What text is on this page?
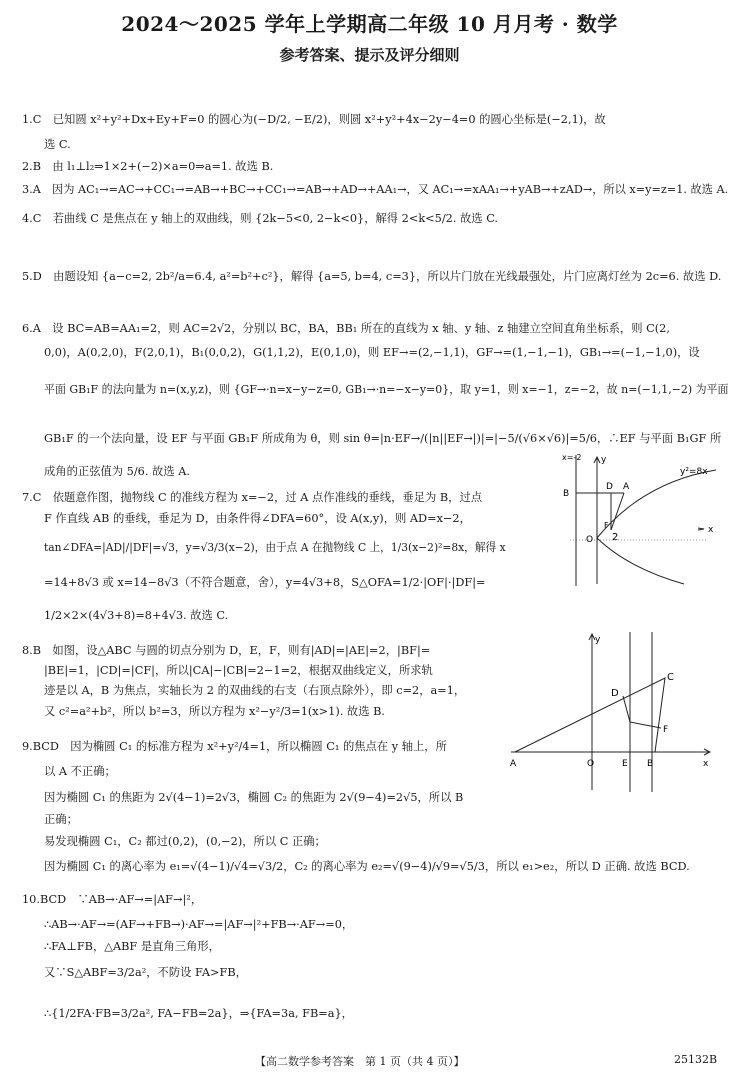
2024～2025 学年上学期高二年级 10 月月考 · 数学
参考答案、提示及评分细则
1.C　已知圆 x²+y²+Dx+Ey+F=0 的圆心为(−D/2, −E/2)，则圆 x²+y²+4x−2y−4=0 的圆心坐标是(−2,1)，故
选 C.
2.B　由 l₁⊥l₂⇒1×2+(−2)×a=0⇒a=1. 故选 B.
3.A　因为 AC₁→=AC→+CC₁→=AB→+BC→+CC₁→=AB→+AD→+AA₁→，又 AC₁→=xAA₁→+yAB→+zAD→，所以 x=y=z=1. 故选 A.
4.C　若曲线 C 是焦点在 y 轴上的双曲线，则 {2k−5<0, 2−k<0}，解得 2<k<5/2. 故选 C.
5.D　由题设知 {a−c=2, 2b²/a=6.4, a²=b²+c²}，解得 {a=5, b=4, c=3}，所以片门放在光线最强处，片门应离灯丝为 2c=6. 故选 D.
6.A　设 BC=AB=AA₁=2，则 AC=2√2，分别以 BC，BA，BB₁ 所在的直线为 x 轴、y 轴、z 轴建立空间直角坐标系，则 C(2,
0,0)，A(0,2,0)，F(2,0,1)，B₁(0,0,2)，G(1,1,2)，E(0,1,0)，则 EF→=(2,−1,1)，GF→=(1,−1,−1)，GB₁→=(−1,−1,0)，设
平面 GB₁F 的法向量为 n=(x,y,z)，则 {GF→·n=x−y−z=0, GB₁→·n=−x−y=0}，取 y=1，则 x=−1，z=−2，故 n=(−1,1,−2) 为平面
GB₁F 的一个法向量，设 EF 与平面 GB₁F 所成角为 θ，则 sin θ=|n·EF→/(|n||EF→|)|=|−5/(√6×√6)|=5/6，∴EF 与平面 B₁GF 所
成角的正弦值为 5/6. 故选 A.
7.C　依题意作图，抛物线 C 的准线方程为 x=−2，过 A 点作准线的垂线，垂足为 B，过点
F 作直线 AB 的垂线，垂足为 D，由条件得∠DFA=60°，设 A(x,y)，则 AD=x−2，
tan∠DFA=|AD|/|DF|=√3，y=√3/3(x−2)，由于点 A 在抛物线 C 上，1/3(x−2)²=8x，解得 x
=14+8√3 或 x=14−8√3（不符合题意，舍），y=4√3+8，S△OFA=1/2·|OF|·|DF|=
1/2×2×(4√3+8)=8+4√3. 故选 C.
8.B　如图，设△ABC 与圆的切点分别为 D，E，F，则有|AD|=|AE|=2，|BF|=
|BE|=1，|CD|=|CF|，所以|CA|−|CB|=2−1=2，根据双曲线定义，所求轨
迹是以 A，B 为焦点，实轴长为 2 的双曲线的右支（右顶点除外），即 c=2，a=1，
又 c²=a²+b²，所以 b²=3，所以方程为 x²−y²/3=1(x>1). 故选 B.
9.BCD　因为椭圆 C₁ 的标准方程为 x²+y²/4=1，所以椭圆 C₁ 的焦点在 y 轴上，所
以 A 不正确；
因为椭圆 C₁ 的焦距为 2√(4−1)=2√3，椭圆 C₂ 的焦距为 2√(9−4)=2√5，所以 B
正确；
易发现椭圆 C₁，C₂ 都过(0,2)，(0,−2)，所以 C 正确；
因为椭圆 C₁ 的离心率为 e₁=√(4−1)/√4=√3/2，C₂ 的离心率为 e₂=√(9−4)/√9=√5/3，所以 e₁>e₂，所以 D 正确. 故选 BCD.
10.BCD　∵AB→·AF→=|AF→|²，
∴AB→·AF→=(AF→+FB→)·AF→=|AF→|²+FB→·AF→=0，
∴FA⊥FB，△ABF 是直角三角形，
又∵S△ABF=3/2a²，不防设 FA>FB，
∴{1/2FA·FB=3/2a², FA−FB=2a}，⇒{FA=3a, FB=a}，
y
x=-2
B
D A
y²=8x
O
F
2
x
y
C
D
F
A	O	E B	x
【高二数学参考答案　第 1 页（共 4 页）】	25132B
